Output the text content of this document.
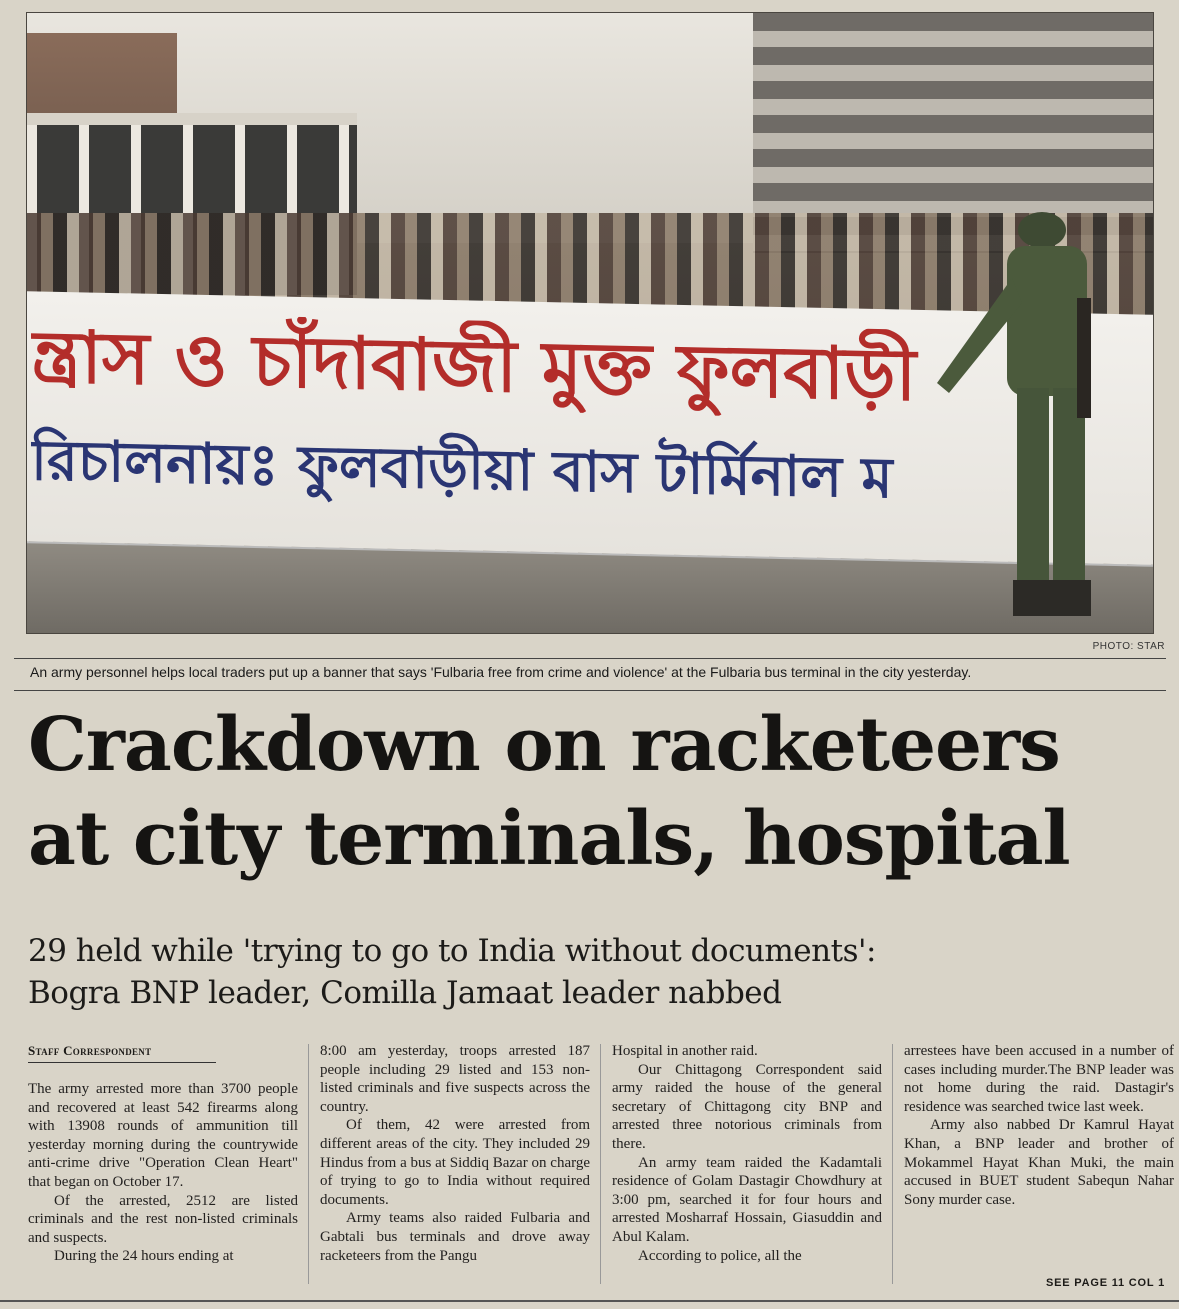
ন্ত্রাস ও চাঁদাবাজী মুক্ত ফুলবাড়ী
রিচালনায়ঃ ফুলবাড়ীয়া বাস টার্মিনাল ম
PHOTO: STAR
An army personnel helps local traders put up a banner that says 'Fulbaria free from crime and violence' at the Fulbaria bus terminal in the city yesterday.
Crackdown on racketeers
at city terminals, hospital
29 held while 'trying to go to India without documents':
Bogra BNP leader, Comilla Jamaat leader nabbed
Staff Correspondent

The army arrested more than 3700 people and recovered at least 542 firearms along with 13908 rounds of ammunition till yesterday morning during the countrywide anti-crime drive "Operation Clean Heart" that began on October 17.

Of the arrested, 2512 are listed criminals and the rest non-listed criminals and suspects.

During the 24 hours ending at

8:00 am yesterday, troops arrested 187 people including 29 listed and 153 non-listed criminals and five suspects across the country.

Of them, 42 were arrested from different areas of the city. They included 29 Hindus from a bus at Siddiq Bazar on charge of trying to go to India without required documents.

Army teams also raided Fulbaria and Gabtali bus terminals and drove away racketeers from the Pangu

Hospital in another raid.

Our Chittagong Correspondent said army raided the house of the general secretary of Chittagong city BNP and arrested three notorious criminals from there.

An army team raided the Kadamtali residence of Golam Dastagir Chowdhury at 3:00 pm, searched it for four hours and arrested Mosharraf Hossain, Giasuddin and Abul Kalam.

According to police, all the

arrestees have been accused in a number of cases including murder.The BNP leader was not home during the raid. Dastagir's residence was searched twice last week.

Army also nabbed Dr Kamrul Hayat Khan, a BNP leader and brother of Mokammel Hayat Khan Muki, the main accused in BUET student Sabequn Nahar Sony murder case.

SEE PAGE 11 COL 1
